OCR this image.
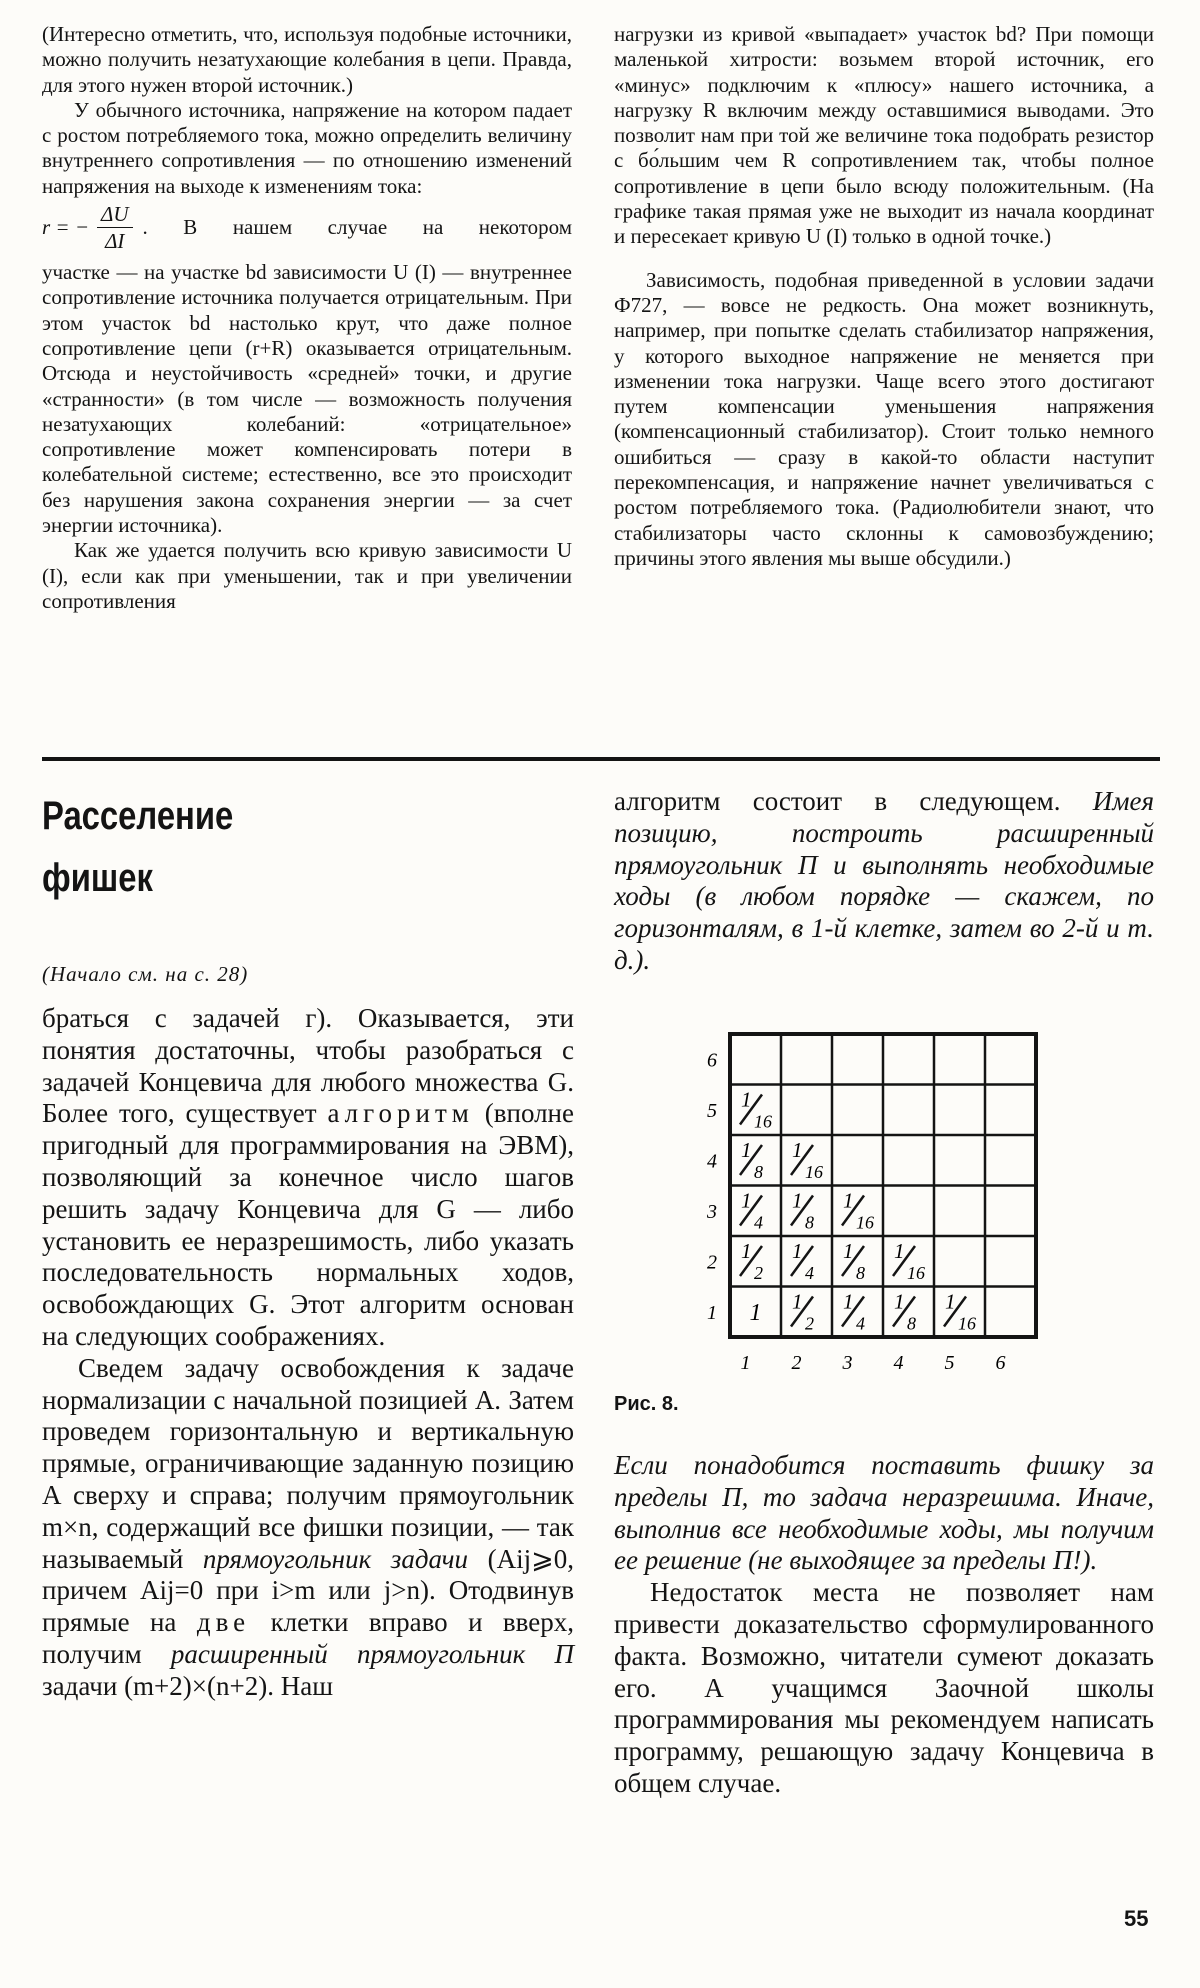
(Интересно отметить, что, используя подобные источники, можно получить незатухающие колебания в цепи. Правда, для этого нужен второй источник.)

У обычного источника, напряжение на котором падает с ростом потребляемого тока, можно определить величину внутреннего сопротивления — по отношению изменений напряжения на выходе к изменениям тока:

r = − $\frac{\Delta U}{\Delta I}$ . В нашем случае на некотором

участке — на участке bd зависимости U (I) — внутреннее сопротивление источника получается отрицательным. При этом участок bd настолько крут, что даже полное сопротивление цепи (r+R) оказывается отрицательным. Отсюда и неустойчивость «средней» точки, и другие «странности» (в том числе — возможность получения незатухающих колебаний: «отрицательное» сопротивление может компенсировать потери в колебательной системе; естественно, все это происходит без нарушения закона сохранения энергии — за счет энергии источника).

Как же удается получить всю кривую зависимости U (I), если как при уменьшении, так и при увеличении сопротивления

нагрузки из кривой «выпадает» участок bd? При помощи маленькой хитрости: возьмем второй источник, его «минус» подключим к «плюсу» нашего источника, а нагрузку R включим между оставшимися выводами. Это позволит нам при той же величине тока подобрать резистор с бо́льшим чем R сопротивлением так, чтобы полное сопротивление в цепи было всюду положительным. (На графике такая прямая уже не выходит из начала координат и пересекает кривую U (I) только в одной точке.)

Зависимость, подобная приведенной в условии задачи Ф727, — вовсе не редкость. Она может возникнуть, например, при попытке сделать стабилизатор напряжения, у которого выходное напряжение не меняется при изменении тока нагрузки. Чаще всего этого достигают путем компенсации уменьшения напряжения (компенсационный стабилизатор). Стоит только немного ошибиться — сразу в какой-то области наступит перекомпенсация, и напряжение начнет увеличиваться с ростом потребляемого тока. (Радиолюбители знают, что стабилизаторы часто склонны к самовозбуждению; причины этого явления мы выше обсудили.)

Расселение
фишек
(Начало см. на с. 28)

браться с задачей г). Оказывается, эти понятия достаточны, чтобы разобраться с задачей Концевича для любого множества G. Более того, существует алгоритм (вполне пригодный для программирования на ЭВМ), позволяющий за конечное число шагов решить задачу Концевича для G — либо установить ее неразрешимость, либо указать последовательность нормальных ходов, освобождающих G. Этот алгоритм основан на следующих соображениях.

Сведем задачу освобождения к задаче нормализации с начальной позицией A. Затем проведем горизонтальную и вертикальную прямые, ограничивающие заданную позицию A сверху и справа; получим прямоугольник m×n, содержащий все фишки позиции, — так называемый прямоугольник задачи (Aij⩾0, причем Aij=0 при i>m или j>n). Отодвинув прямые на две клетки вправо и вверх, получим расширенный прямоугольник П задачи (m+2)×(n+2). Наш

алгоритм состоит в следующем. Имея позицию, построить расширенный прямоугольник П и выполнять необходимые ходы (в любом порядке — скажем, по горизонталям, в 1-й клетке, затем во 2-й и т. д.).

1 1
2
1
4
1
8
1
16
1
2
1
4
1
8
1
16
1
4
1
8
1
16
1
8
1
16
1
16
1
2
3
4
5
6
1 2 3 4 5 6
Рис. 8.

Если понадобится поставить фишку за пределы П, то задача неразрешима. Иначе, выполнив все необходимые ходы, мы получим ее решение (не выходящее за пределы П!).

Недостаток места не позволяет нам привести доказательство сформулированного факта. Возможно, читатели сумеют доказать его. А учащимся Заочной школы программирования мы рекомендуем написать программу, решающую задачу Концевича в общем случае.

55
